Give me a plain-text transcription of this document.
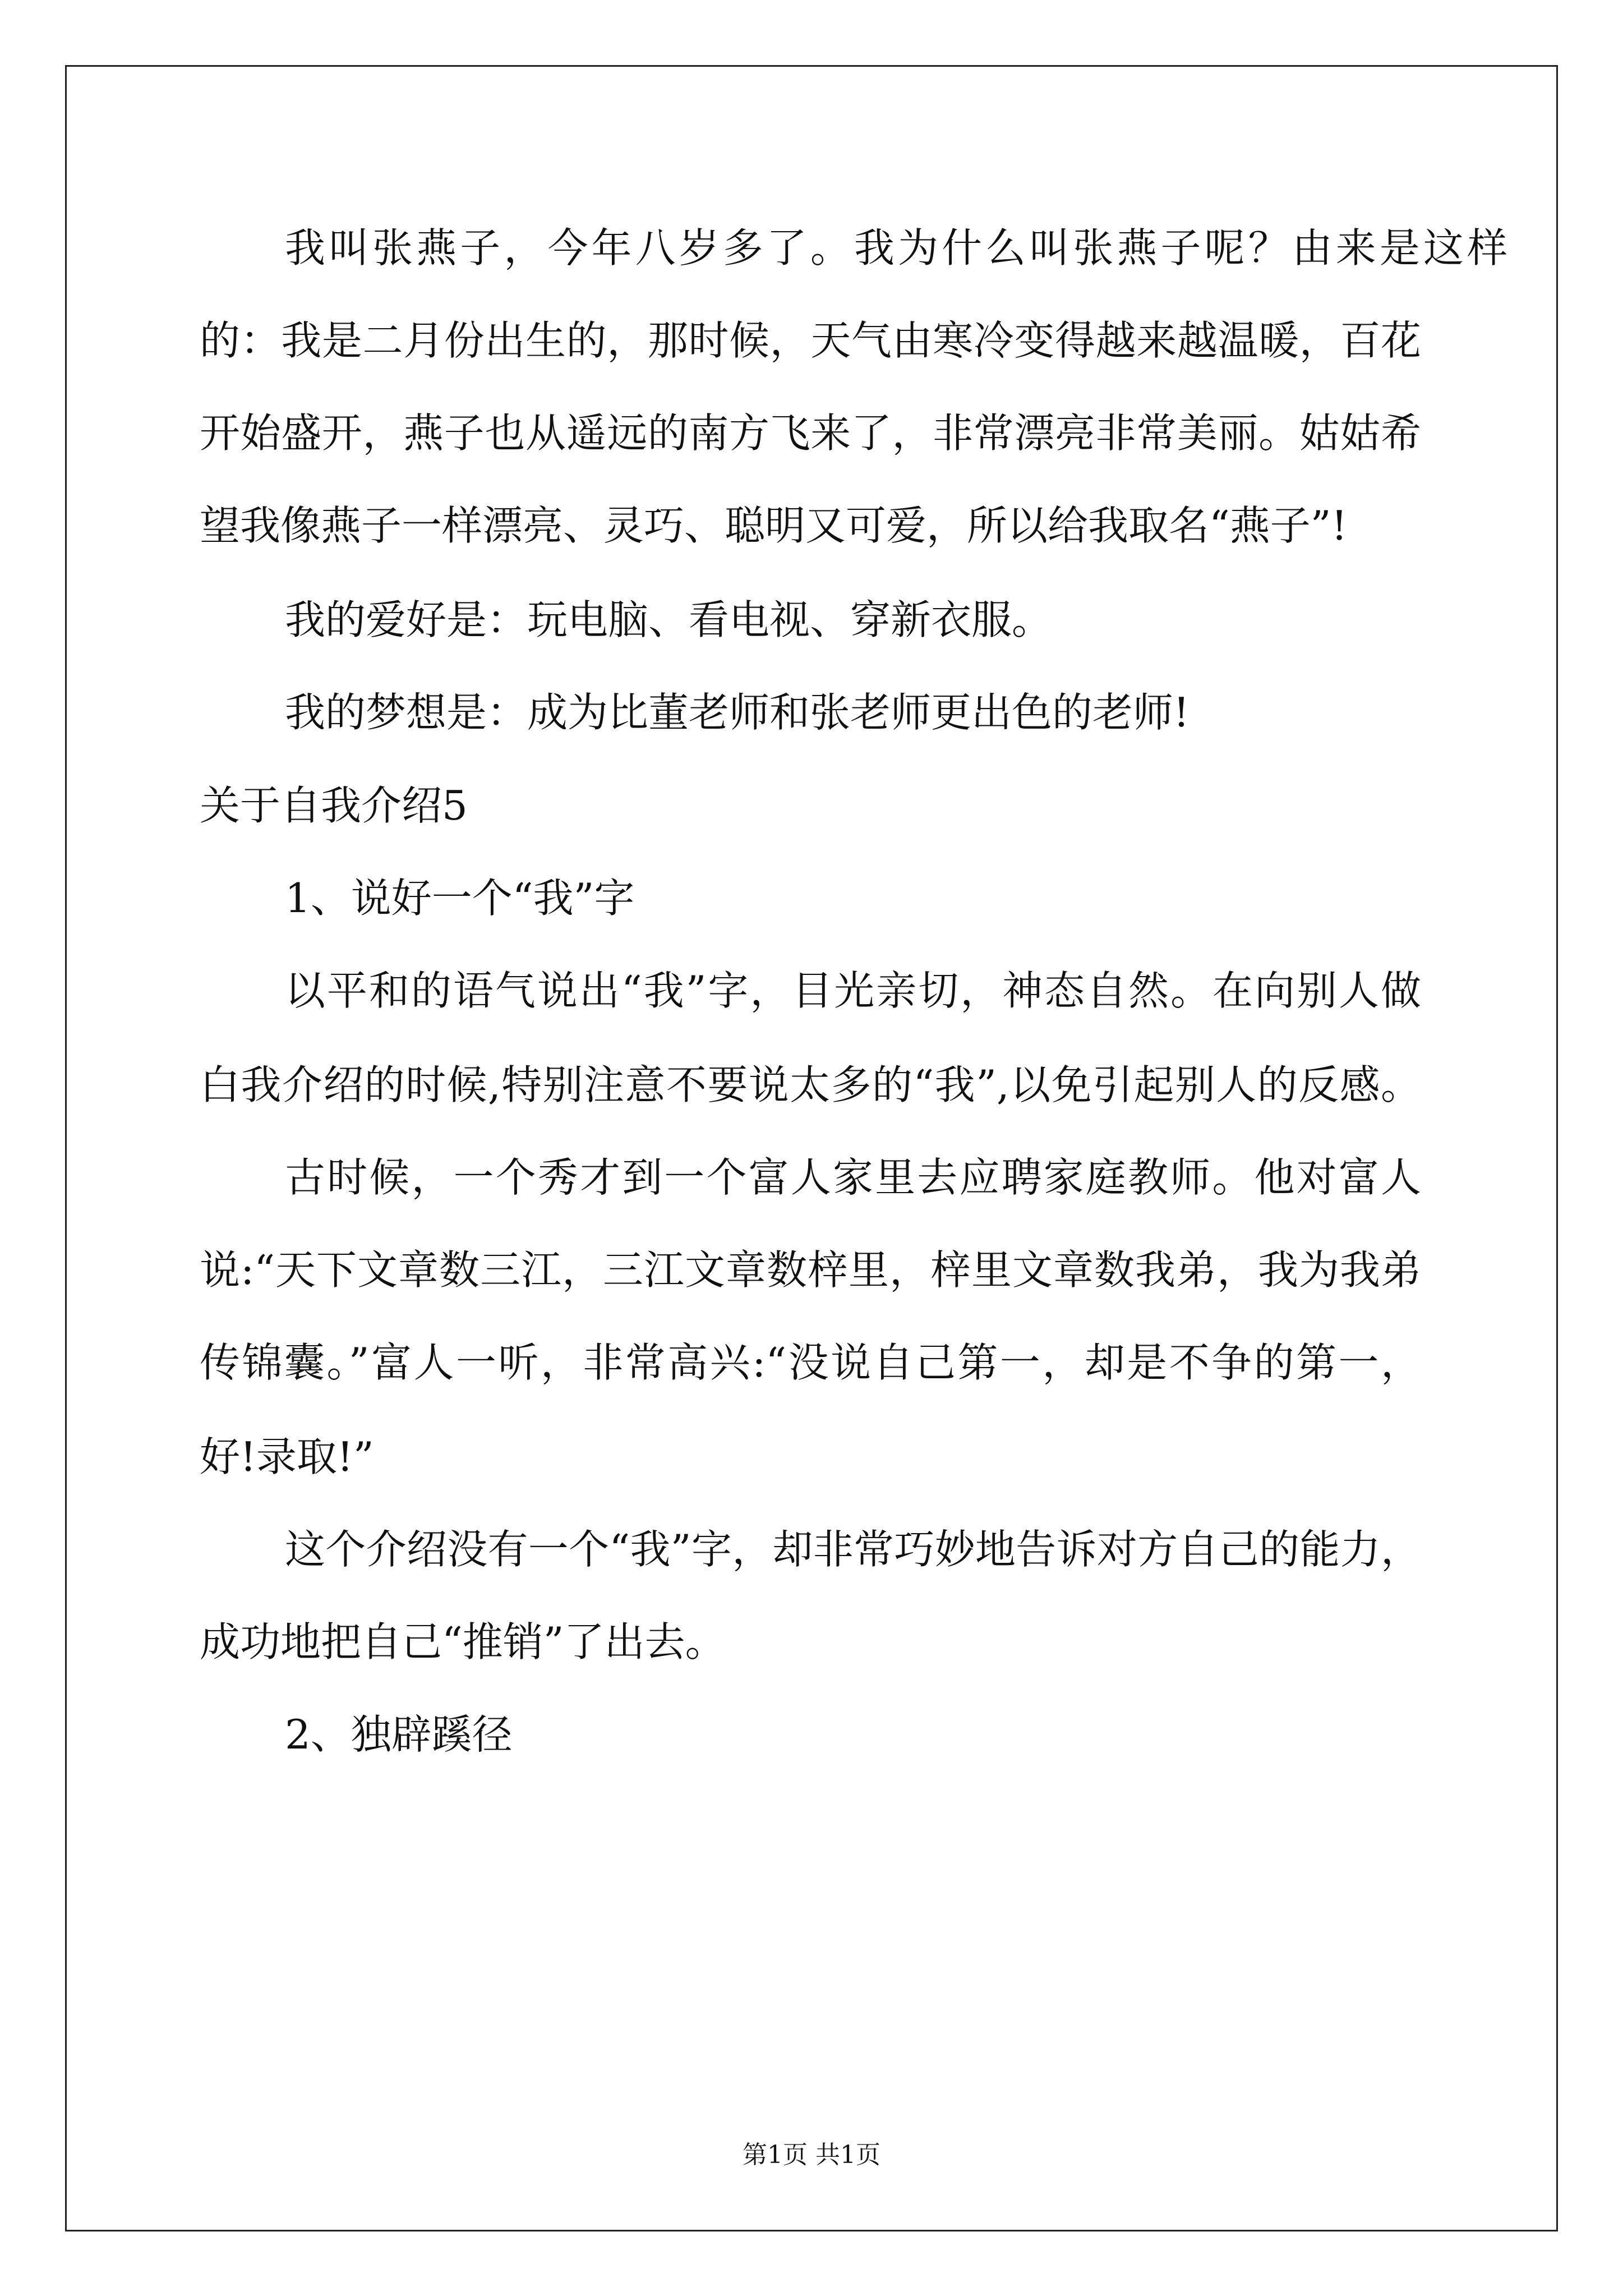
我叫张燕子，今年八岁多了。我为什么叫张燕子呢？由来是这样
的：我是二月份出生的，那时候，天气由寒冷变得越来越温暖，百花
开始盛开，燕子也从遥远的南方飞来了，非常漂亮非常美丽。姑姑希
望我像燕子一样漂亮、灵巧、聪明又可爱，所以给我取名“燕子”!
我的爱好是：玩电脑、看电视、穿新衣服。
我的梦想是：成为比董老师和张老师更出色的老师!
关于自我介绍5
1、说好一个“我”字
以平和的语气说出“我”字，目光亲切，神态自然。在向别人做
白我介绍的时候,特别注意不要说太多的“我”,以免引起别人的反感。
古时候，一个秀才到一个富人家里去应聘家庭教师。他对富人
说:“天下文章数三江，三江文章数梓里，梓里文章数我弟，我为我弟
传锦囊。”富人一听，非常高兴:“没说自己第一，却是不争的第一，
好!录取!”
这个介绍没有一个“我”字，却非常巧妙地告诉对方自己的能力，
成功地把自己“推销”了出去。
2、独辟蹊径
第1页 共1页
